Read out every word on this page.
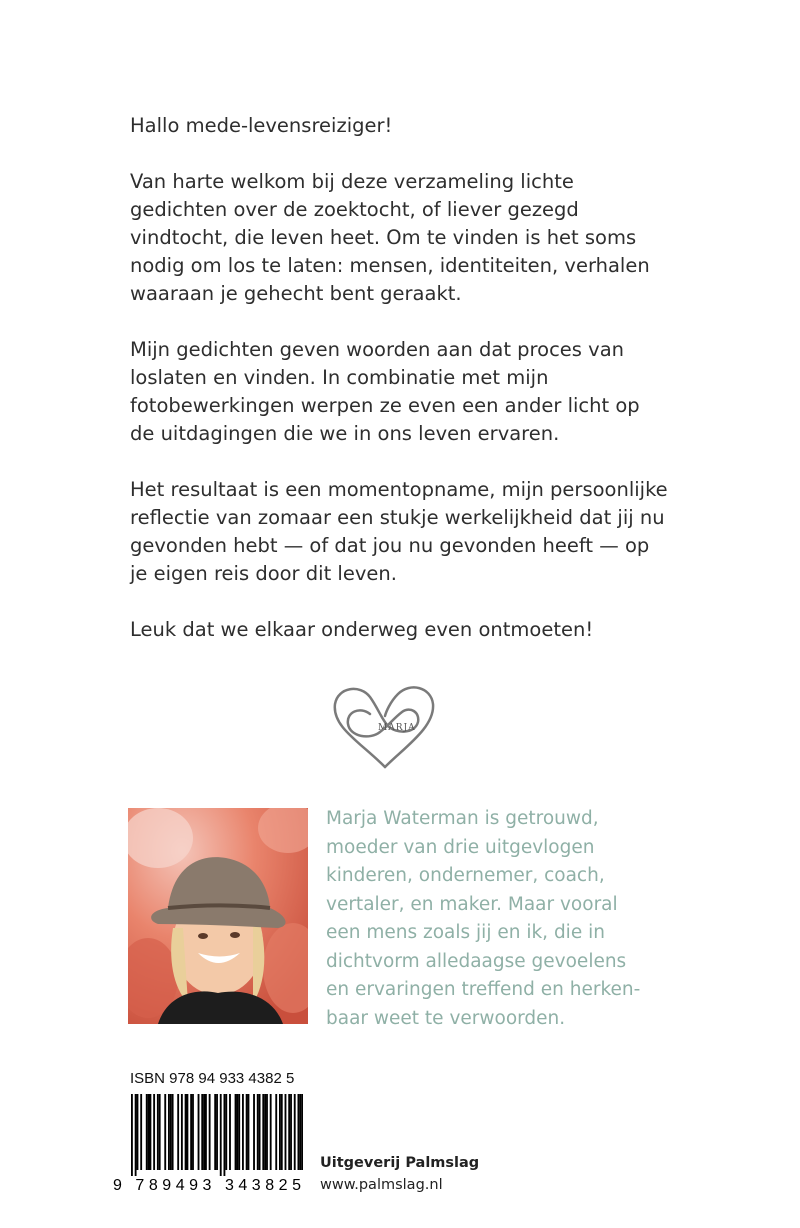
Hallo mede-levensreiziger!

Van harte welkom bij deze verzameling lichte
gedichten over de zoektocht, of liever gezegd
vindtocht, die leven heet. Om te vinden is het soms
nodig om los te laten: mensen, identiteiten, verhalen
waaraan je gehecht bent geraakt.

Mijn gedichten geven woorden aan dat proces van
loslaten en vinden. In combinatie met mijn
fotobewerkingen werpen ze even een ander licht op
de uitdagingen die we in ons leven ervaren.

Het resultaat is een momentopname, mijn persoonlijke
reflectie van zomaar een stukje werkelijkheid dat jij nu
gevonden hebt — of dat jou nu gevonden heeft — op
je eigen reis door dit leven.

Leuk dat we elkaar onderweg even ontmoeten!

MARJA
Marja Waterman is getrouwd,
moeder van drie uitgevlogen
kinderen, ondernemer, coach,
vertaler, en maker. Maar vooral
een mens zoals jij en ik, die in
dichtvorm alledaagse gevoelens
en ervaringen treffend en herken-
baar weet te verwoorden.
ISBN 978 94 933 4382 5
9 789493 343825
Uitgeverij Palmslag
www.palmslag.nl
